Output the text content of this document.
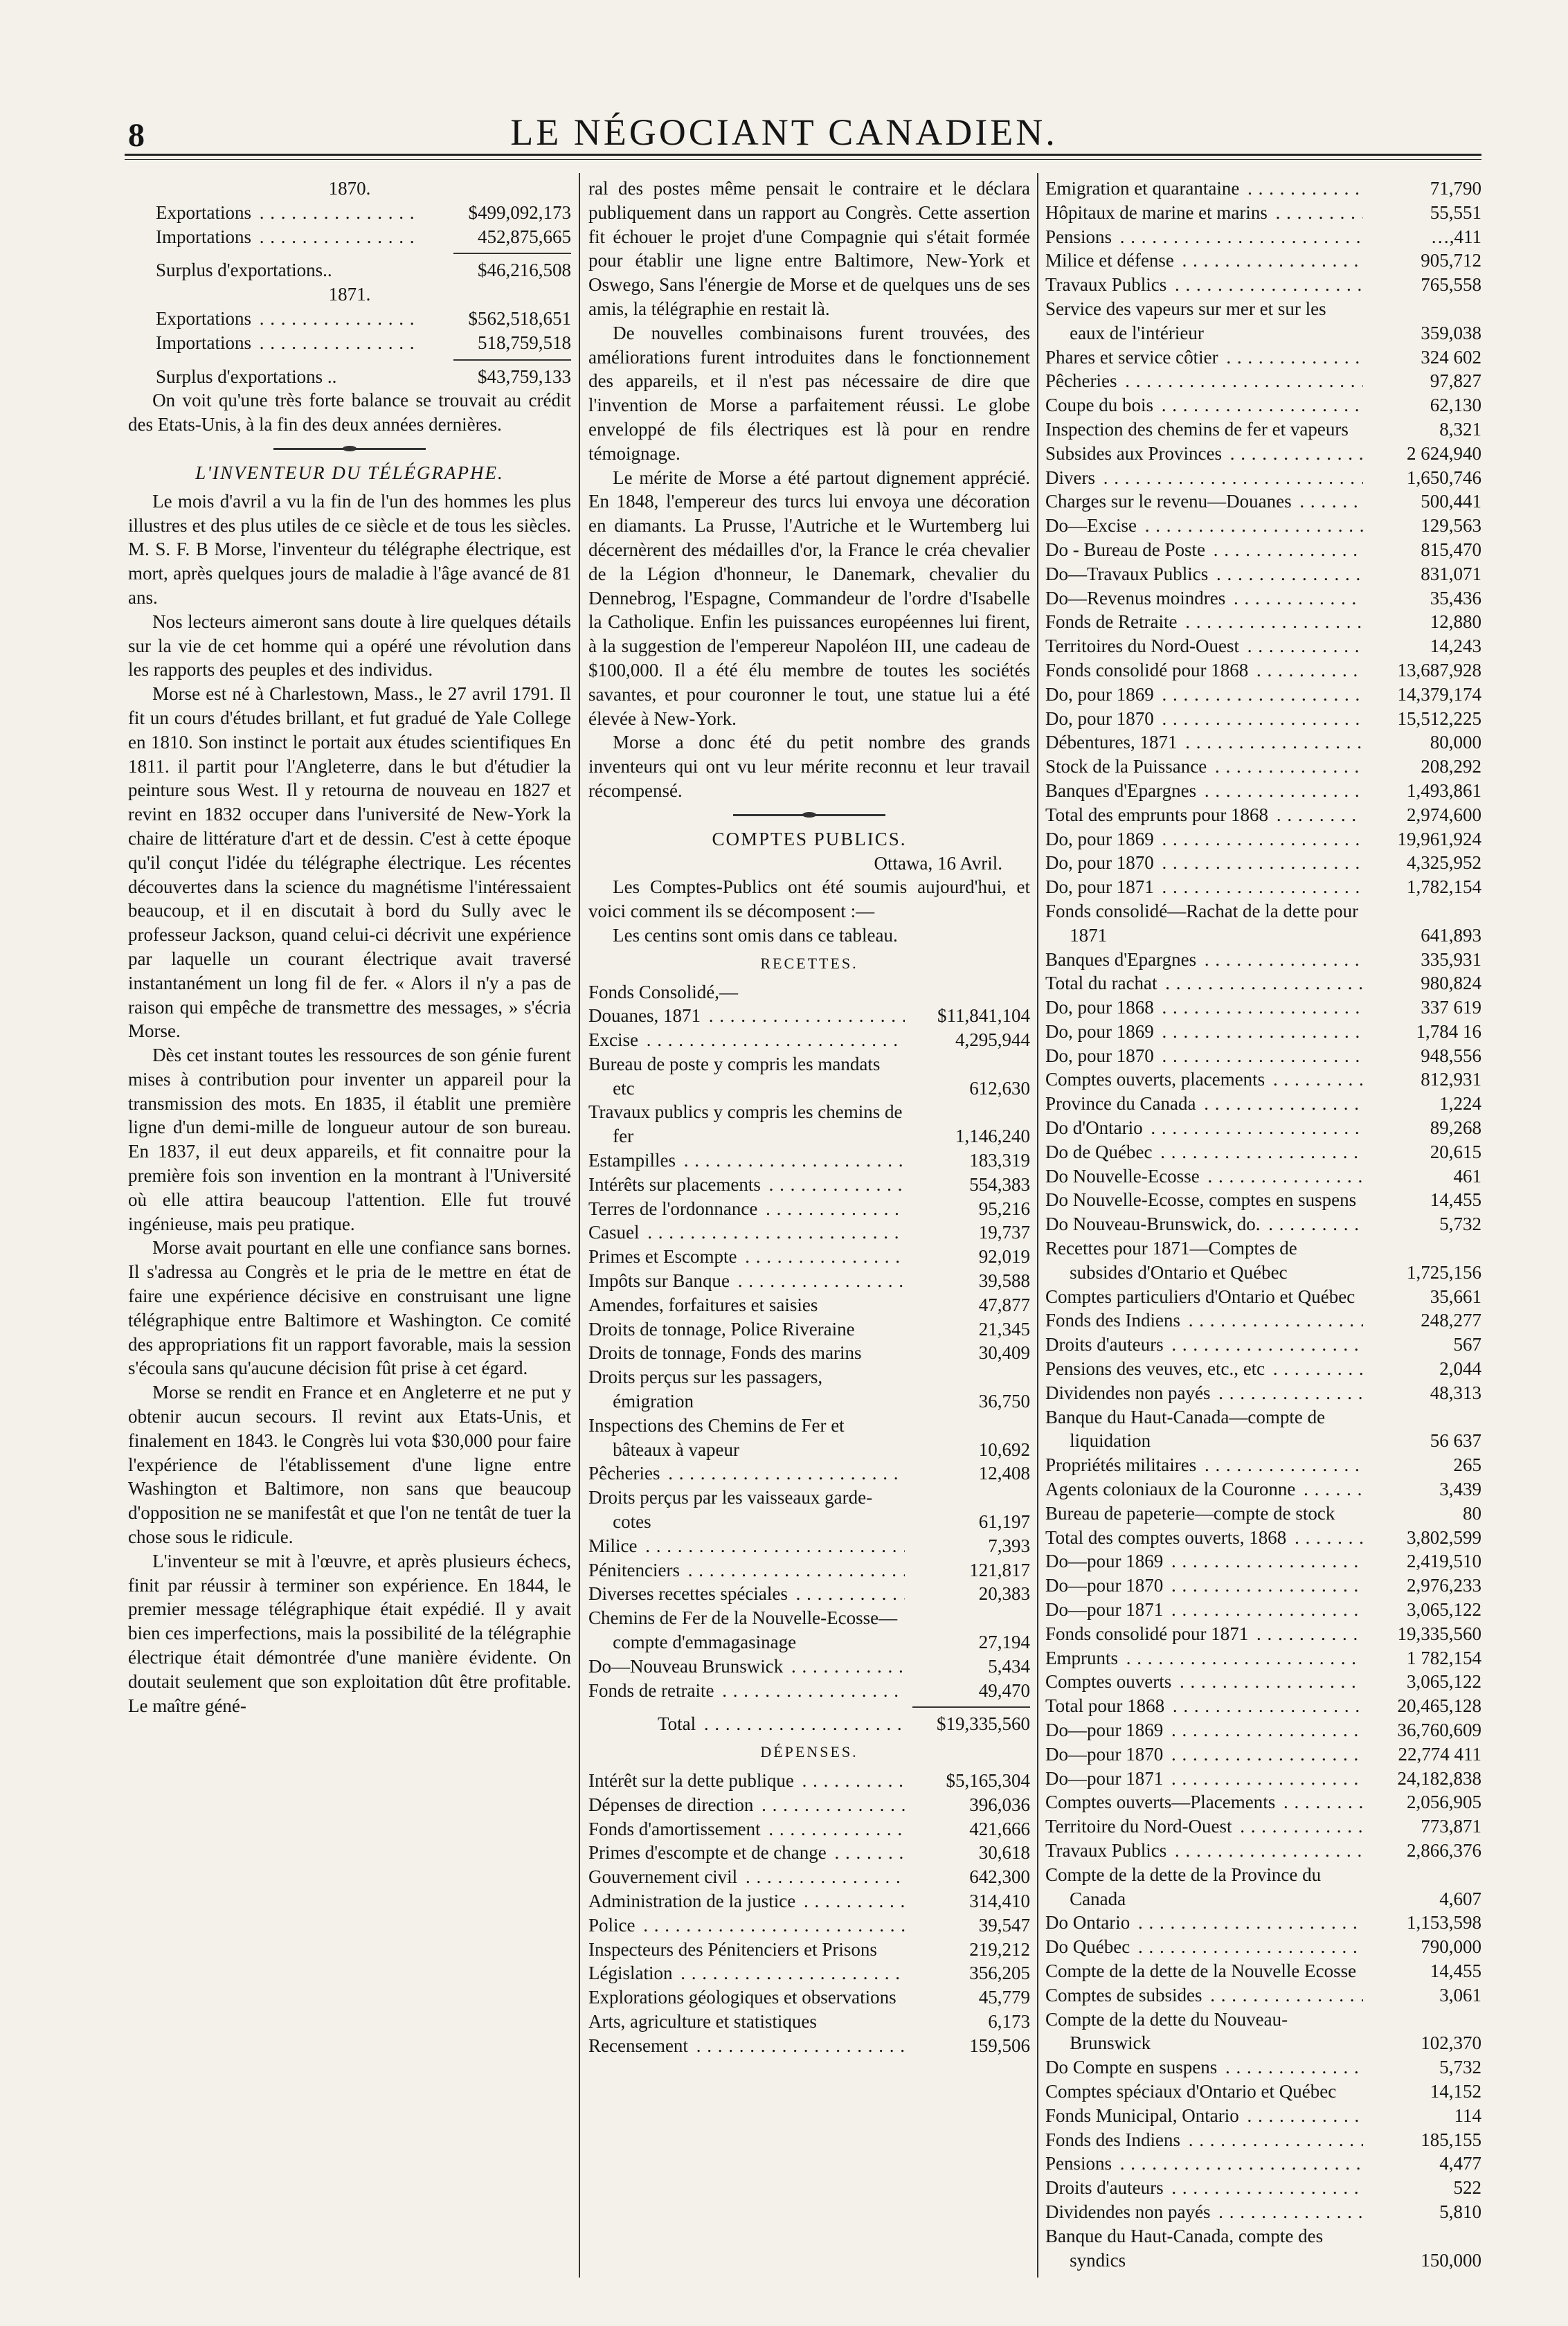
8	LE NÉGOCIANT CANADIEN.
1870.
Exportations . . .	$499,092,173
Importations . . .	452,875,665
Surplus d'exportations..	$46,216,508
1871.
Exportations . . .	$562,518,651
Importations . . .	518,759,518
Surplus d'exportations ..	$43,759,133

On voit qu'une très forte balance se trouvait au crédit des Etats-Unis, à la fin des deux années dernières.

L'INVENTEUR DU TÉLÉGRAPHE.

Le mois d'avril a vu la fin de l'un des hommes les plus illustres et des plus utiles de ce siècle et de tous les siècles. M. S. F. B Morse, l'inventeur du télégraphe électrique, est mort, après quelques jours de maladie à l'âge avancé de 81 ans.

Nos lecteurs aimeront sans doute à lire quelques détails sur la vie de cet homme qui a opéré une révolution dans les rapports des peuples et des individus.

Morse est né à Charlestown, Mass., le 27 avril 1791. Il fit un cours d'études brillant, et fut gradué de Yale College en 1810. Son instinct le portait aux études scientifiques En 1811. il partit pour l'Angleterre, dans le but d'étudier la peinture sous West. Il y retourna de nouveau en 1827 et revint en 1832 occuper dans l'université de New-York la chaire de littérature d'art et de dessin. C'est à cette époque qu'il conçut l'idée du télégraphe électrique. Les récentes découvertes dans la science du magnétisme l'intéressaient beaucoup, et il en discutait à bord du Sully avec le professeur Jackson, quand celui-ci décrivit une expérience par laquelle un courant électrique avait traversé instantanément un long fil de fer. « Alors il n'y a pas de raison qui empêche de transmettre des messages, » s'écria Morse.

Dès cet instant toutes les ressources de son génie furent mises à contribution pour inventer un appareil pour la transmission des mots. En 1835, il établit une première ligne d'un demi-mille de longueur autour de son bureau. En 1837, il eut deux appareils, et fit connaitre pour la première fois son invention en la montrant à l'Université où elle attira beaucoup l'attention. Elle fut trouvé ingénieuse, mais peu pratique.

Morse avait pourtant en elle une confiance sans bornes. Il s'adressa au Congrès et le pria de le mettre en état de faire une expérience décisive en construisant une ligne télégraphique entre Baltimore et Washington. Ce comité des appropriations fit un rapport favorable, mais la session s'écoula sans qu'aucune décision fût prise à cet égard.

Morse se rendit en France et en Angleterre et ne put y obtenir aucun secours. Il revint aux Etats-Unis, et finalement en 1843. le Congrès lui vota $30,000 pour faire l'expérience de l'établissement d'une ligne entre Washington et Baltimore, non sans que beaucoup d'opposition ne se manifestât et que l'on ne tentât de tuer la chose sous le ridicule.

L'inventeur se mit à l'œuvre, et après plusieurs échecs, finit par réussir à terminer son expérience. En 1844, le premier message télégraphique était expédié. Il y avait bien ces imperfections, mais la possibilité de la télégraphie électrique était démontrée d'une manière évidente. On doutait seulement que son exploitation dût être profitable. Le maître géné-

ral des postes même pensait le contraire et le déclara publiquement dans un rapport au Congrès. Cette assertion fit échouer le projet d'une Compagnie qui s'était formée pour établir une ligne entre Baltimore, New-York et Oswego, Sans l'énergie de Morse et de quelques uns de ses amis, la télégraphie en restait là.

De nouvelles combinaisons furent trouvées, des améliorations furent introduites dans le fonctionnement des appareils, et il n'est pas nécessaire de dire que l'invention de Morse a parfaitement réussi. Le globe enveloppé de fils électriques est là pour en rendre témoignage.

Le mérite de Morse a été partout dignement apprécié. En 1848, l'empereur des turcs lui envoya une décoration en diamants. La Prusse, l'Autriche et le Wurtemberg lui décernèrent des médailles d'or, la France le créa chevalier de la Légion d'honneur, le Danemark, chevalier du Dennebrog, l'Espagne, Commandeur de l'ordre d'Isabelle la Catholique. Enfin les puissances européennes lui firent, à la suggestion de l'empereur Napoléon III, une cadeau de $100,000. Il a été élu membre de toutes les sociétés savantes, et pour couronner le tout, une statue lui a été élevée à New-York.

Morse a donc été du petit nombre des grands inventeurs qui ont vu leur mérite reconnu et leur travail récompensé.

COMPTES PUBLICS.
Ottawa, 16 Avril.

Les Comptes-Publics ont été soumis aujourd'hui, et voici comment ils se décomposent :—

Les centins sont omis dans ce tableau.

RECETTES.
Fonds Consolidé,—
Douanes, 1871 . . .	$11,841,104
Excise . . .	4,295,944
Bureau de poste y compris les mandats etc	612,630
Travaux publics y compris les chemins de fer	1,146,240
Estampilles . . .	183,319
Intérêts sur placements . . .	554,383
Terres de l'ordonnance . . .	95,216
Casuel . . .	19,737
Primes et Escompte . . .	92,019
Impôts sur Banque . . .	39,588
Amendes, forfaitures et saisies	47,877
Droits de tonnage, Police Riveraine	21,345
Droits de tonnage, Fonds des marins	30,409
Droits perçus sur les passagers, émigration	36,750
Inspections des Chemins de Fer et bâteaux à vapeur	10,692
Pêcheries . . .	12,408
Droits perçus par les vaisseaux garde-cotes	61,197
Milice . . .	7,393
Pénitenciers . . .	121,817
Diverses recettes spéciales . . .	20,383
Chemins de Fer de la Nouvelle-Ecosse—compte d'emmagasinage	27,194
Do—Nouveau Brunswick . . .	5,434
Fonds de retraite . . .	49,470
Total . . .	$19,335,560
DÉPENSES.
Intérêt sur la dette publique . . .	$5,165,304
Dépenses de direction . . .	396,036
Fonds d'amortissement . . .	421,666
Primes d'escompte et de change . . .	30,618
Gouvernement civil . . .	642,300
Administration de la justice . . .	314,410
Police . . .	39,547
Inspecteurs des Pénitenciers et Prisons	219,212
Législation . . .	356,205
Explorations géologiques et observations	45,779
Arts, agriculture et statistiques	6,173
Recensement . . .	159,506
Emigration et quarantaine . . .	71,790
Hôpitaux de marine et marins . . .	55,551
Pensions . . .	…,411
Milice et défense . . .	905,712
Travaux Publics . . .	765,558
Service des vapeurs sur mer et sur les eaux de l'intérieur	359,038
Phares et service côtier . . .	324 602
Pêcheries . . .	97,827
Coupe du bois . . .	62,130
Inspection des chemins de fer et vapeurs	8,321
Subsides aux Provinces . . .	2 624,940
Divers . . .	1,650,746
Charges sur le revenu—Douanes . . .	500,441
Do—Excise . . .	129,563
Do - Bureau de Poste . . .	815,470
Do—Travaux Publics . . .	831,071
Do—Revenus moindres . . .	35,436
Fonds de Retraite . . .	12,880
Territoires du Nord-Ouest . . .	14,243
Fonds consolidé pour 1868 . . .	13,687,928
Do, pour 1869 . . .	14,379,174
Do, pour 1870 . . .	15,512,225
Débentures, 1871 . . .	80,000
Stock de la Puissance . . .	208,292
Banques d'Epargnes . . .	1,493,861
Total des emprunts pour 1868 . . .	2,974,600
Do, pour 1869 . . .	19,961,924
Do, pour 1870 . . .	4,325,952
Do, pour 1871 . . .	1,782,154
Fonds consolidé—Rachat de la dette pour 1871	641,893
Banques d'Epargnes . . .	335,931
Total du rachat . . .	980,824
Do, pour 1868 . . .	337 619
Do, pour 1869 . . .	1,784 16
Do, pour 1870 . . .	948,556
Comptes ouverts, placements . . .	812,931
Province du Canada . . .	1,224
Do d'Ontario . . .	89,268
Do de Québec . . .	20,615
Do Nouvelle-Ecosse . . .	461
Do Nouvelle-Ecosse, comptes en suspens	14,455
Do Nouveau-Brunswick, do. . . .	5,732
Recettes pour 1871—Comptes de subsides d'Ontario et Québec	1,725,156
Comptes particuliers d'Ontario et Québec	35,661
Fonds des Indiens . . .	248,277
Droits d'auteurs . . .	567
Pensions des veuves, etc., etc . . .	2,044
Dividendes non payés . . .	48,313
Banque du Haut-Canada—compte de liquidation	56 637
Propriétés militaires . . .	265
Agents coloniaux de la Couronne . . .	3,439
Bureau de papeterie—compte de stock	80
Total des comptes ouverts, 1868 . . .	3,802,599
Do—pour 1869 . . .	2,419,510
Do—pour 1870 . . .	2,976,233
Do—pour 1871 . . .	3,065,122
Fonds consolidé pour 1871 . . .	19,335,560
Emprunts . . .	1 782,154
Comptes ouverts . . .	3,065,122
Total pour 1868 . . .	20,465,128
Do—pour 1869 . . .	36,760,609
Do—pour 1870 . . .	22,774 411
Do—pour 1871 . . .	24,182,838
Comptes ouverts—Placements . . .	2,056,905
Territoire du Nord-Ouest . . .	773,871
Travaux Publics . . .	2,866,376
Compte de la dette de la Province du Canada	4,607
Do Ontario . . .	1,153,598
Do Québec . . .	790,000
Compte de la dette de la Nouvelle Ecosse	14,455
Comptes de subsides . . .	3,061
Compte de la dette du Nouveau-Brunswick	102,370
Do Compte en suspens . . .	5,732
Comptes spéciaux d'Ontario et Québec	14,152
Fonds Municipal, Ontario . . .	114
Fonds des Indiens . . .	185,155
Pensions . . .	4,477
Droits d'auteurs . . .	522
Dividendes non payés . . .	5,810
Banque du Haut-Canada, compte des syndics	150,000
